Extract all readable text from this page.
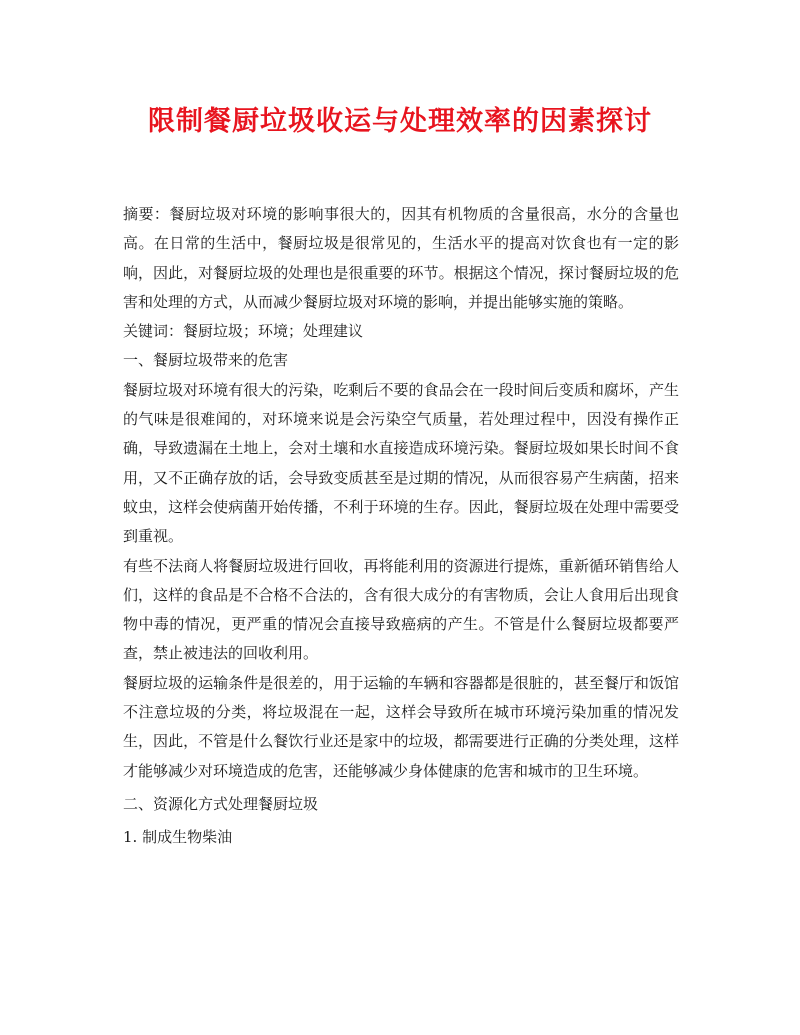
限制餐厨垃圾收运与处理效率的因素探讨

摘要：餐厨垃圾对环境的影响事很大的，因其有机物质的含量很高，水分的含量也高。在日常的生活中，餐厨垃圾是很常见的，生活水平的提高对饮食也有一定的影响，因此，对餐厨垃圾的处理也是很重要的环节。根据这个情况，探讨餐厨垃圾的危害和处理的方式，从而减少餐厨垃圾对环境的影响，并提出能够实施的策略。

关键词：餐厨垃圾；环境；处理建议

一、餐厨垃圾带来的危害

餐厨垃圾对环境有很大的污染，吃剩后不要的食品会在一段时间后变质和腐坏，产生的气味是很难闻的，对环境来说是会污染空气质量，若处理过程中，因没有操作正确，导致遗漏在土地上，会对土壤和水直接造成环境污染。餐厨垃圾如果长时间不食用，又不正确存放的话，会导致变质甚至是过期的情况，从而很容易产生病菌，招来蚊虫，这样会使病菌开始传播，不利于环境的生存。因此，餐厨垃圾在处理中需要受到重视。

有些不法商人将餐厨垃圾进行回收，再将能利用的资源进行提炼，重新循环销售给人们，这样的食品是不合格不合法的，含有很大成分的有害物质，会让人食用后出现食物中毒的情况，更严重的情况会直接导致癌病的产生。不管是什么餐厨垃圾都要严查，禁止被违法的回收利用。

餐厨垃圾的运输条件是很差的，用于运输的车辆和容器都是很脏的，甚至餐厅和饭馆不注意垃圾的分类，将垃圾混在一起，这样会导致所在城市环境污染加重的情况发生，因此，不管是什么餐饮行业还是家中的垃圾，都需要进行正确的分类处理，这样才能够减少对环境造成的危害，还能够减少身体健康的危害和城市的卫生环境。

二、资源化方式处理餐厨垃圾

1. 制成生物柴油
